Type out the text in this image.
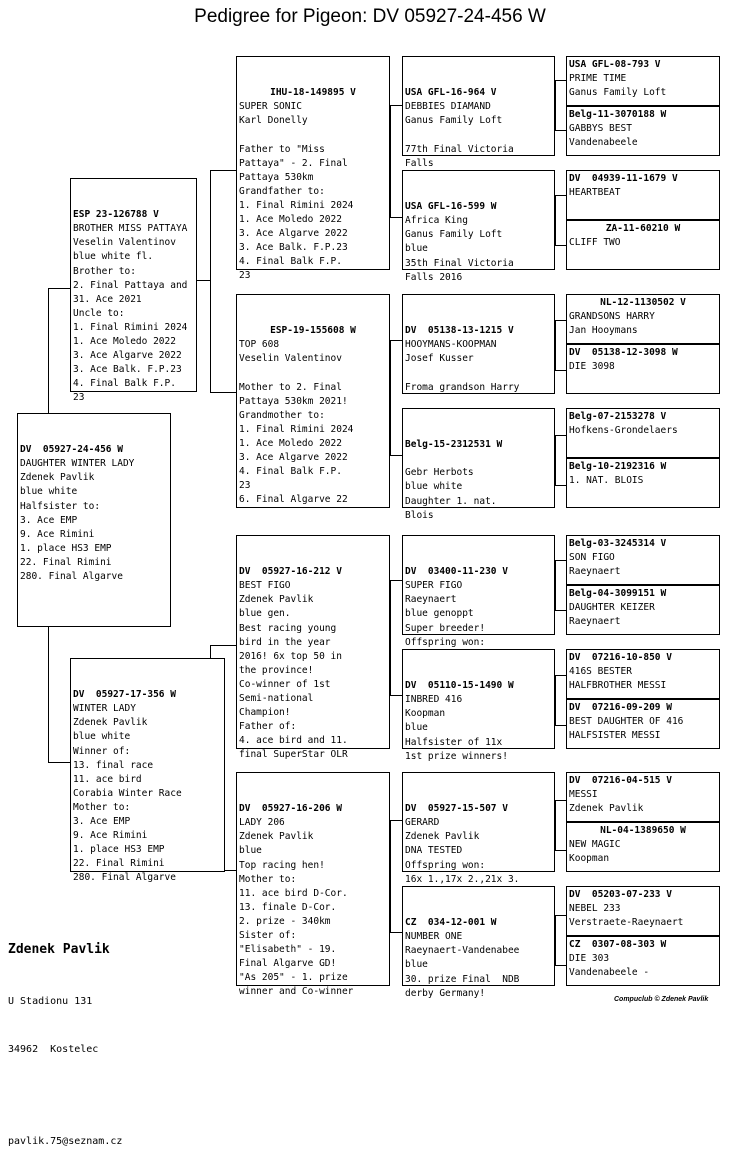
Pedigree for Pigeon: DV 05927-24-456 W

DV  05927-24-456 W
DAUGHTER WINTER LADY
Zdenek Pavlik
blue white
Halfsister to:
3. Ace EMP
9. Ace Rimini
1. place HS3 EMP
22. Final Rimini
280. Final Algarve

ESP 23-126788 V
BROTHER MISS PATTAYA
Veselin Valentinov
blue white fl.
Brother to:
2. Final Pattaya and
31. Ace 2021
Uncle to:
1. Final Rimini 2024
1. Ace Moledo 2022
3. Ace Algarve 2022
3. Ace Balk. F.P.23
4. Final Balk F.P.
23

DV  05927-17-356 W
WINTER LADY
Zdenek Pavlik
blue white
Winner of:
13. final race
11. ace bird
Corabia Winter Race
Mother to:
3. Ace EMP
9. Ace Rimini
1. place HS3 EMP
22. Final Rimini
280. Final Algarve

IHU-18-149895 V
SUPER SONIC
Karl Donelly

Father to "Miss
Pattaya" - 2. Final
Pattaya 530km
Grandfather to:
1. Final Rimini 2024
1. Ace Moledo 2022
3. Ace Algarve 2022
3. Ace Balk. F.P.23
4. Final Balk F.P.
23

ESP-19-155608 W
TOP 608
Veselin Valentinov

Mother to 2. Final
Pattaya 530km 2021!
Grandmother to:
1. Final Rimini 2024
1. Ace Moledo 2022
3. Ace Algarve 2022
4. Final Balk F.P.
23
6. Final Algarve 22

DV  05927-16-212 V
BEST FIGO
Zdenek Pavlik
blue gen.
Best racing young
bird in the year
2016! 6x top 50 in
the province!
Co-winner of 1st
Semi-national
Champion!
Father of:
4. ace bird and 11.
final SuperStar OLR

DV  05927-16-206 W
LADY 206
Zdenek Pavlik
blue
Top racing hen!
Mother to:
11. ace bird D-Cor.
13. finale D-Cor.
2. prize - 340km
Sister of:
"Elisabeth" - 19.
Final Algarve GD!
"As 205" - 1. prize
winner and Co-winner

USA GFL-16-964 V
DEBBIES DIAMAND
Ganus Family Loft

77th Final Victoria
Falls

USA GFL-16-599 W
Africa King
Ganus Family Loft
blue
35th Final Victoria
Falls 2016

DV  05138-13-1215 V
HOOYMANS-KOOPMAN
Josef Kusser

Froma grandson Harry

Belg-15-2312531 W

Gebr Herbots
blue white
Daughter 1. nat.
Blois

DV  03400-11-230 V
SUPER FIGO
Raeynaert
blue genoppt
Super breeder!
Offspring won:

DV  05110-15-1490 W
INBRED 416
Koopman
blue
Halfsister of 11x
1st prize winners!

DV  05927-15-507 V
GERARD
Zdenek Pavlik
DNA TESTED
Offspring won:
16x 1.,17x 2.,21x 3.

CZ  034-12-001 W
NUMBER ONE
Raeynaert-Vandenabee
blue
30. prize Final  NDB
derby Germany!

USA GFL-08-793 V
PRIME TIME
Ganus Family Loft
Belg-11-3070188 W
GABBYS BEST
Vandenabeele
DV  04939-11-1679 V
HEARTBEAT
ZA-11-60210 W
CLIFF TWO
NL-12-1130502 V
GRANDSONS HARRY
Jan Hooymans
DV  05138-12-3098 W
DIE 3098
Belg-07-2153278 V
Hofkens-Grondelaers
Belg-10-2192316 W
1. NAT. BLOIS
Belg-03-3245314 V
SON FIGO
Raeynaert
Belg-04-3099151 W
DAUGHTER KEIZER
Raeynaert
DV  07216-10-850 V
416S BESTER
HALFBROTHER MESSI
DV  07216-09-209 W
BEST DAUGHTER OF 416
HALFSISTER MESSI
DV  07216-04-515 V
MESSI
Zdenek Pavlik
NL-04-1389650 W
NEW MAGIC
Koopman
DV  05203-07-233 V
NEBEL 233
Verstraete-Raeynaert
CZ  0307-08-303 W
DIE 303
Vandenabeele -

Zdenek Pavlik

U Stadionu 131

34962  Kostelec

pavlik.75@seznam.cz

Compuclub © Zdenek Pavlik
